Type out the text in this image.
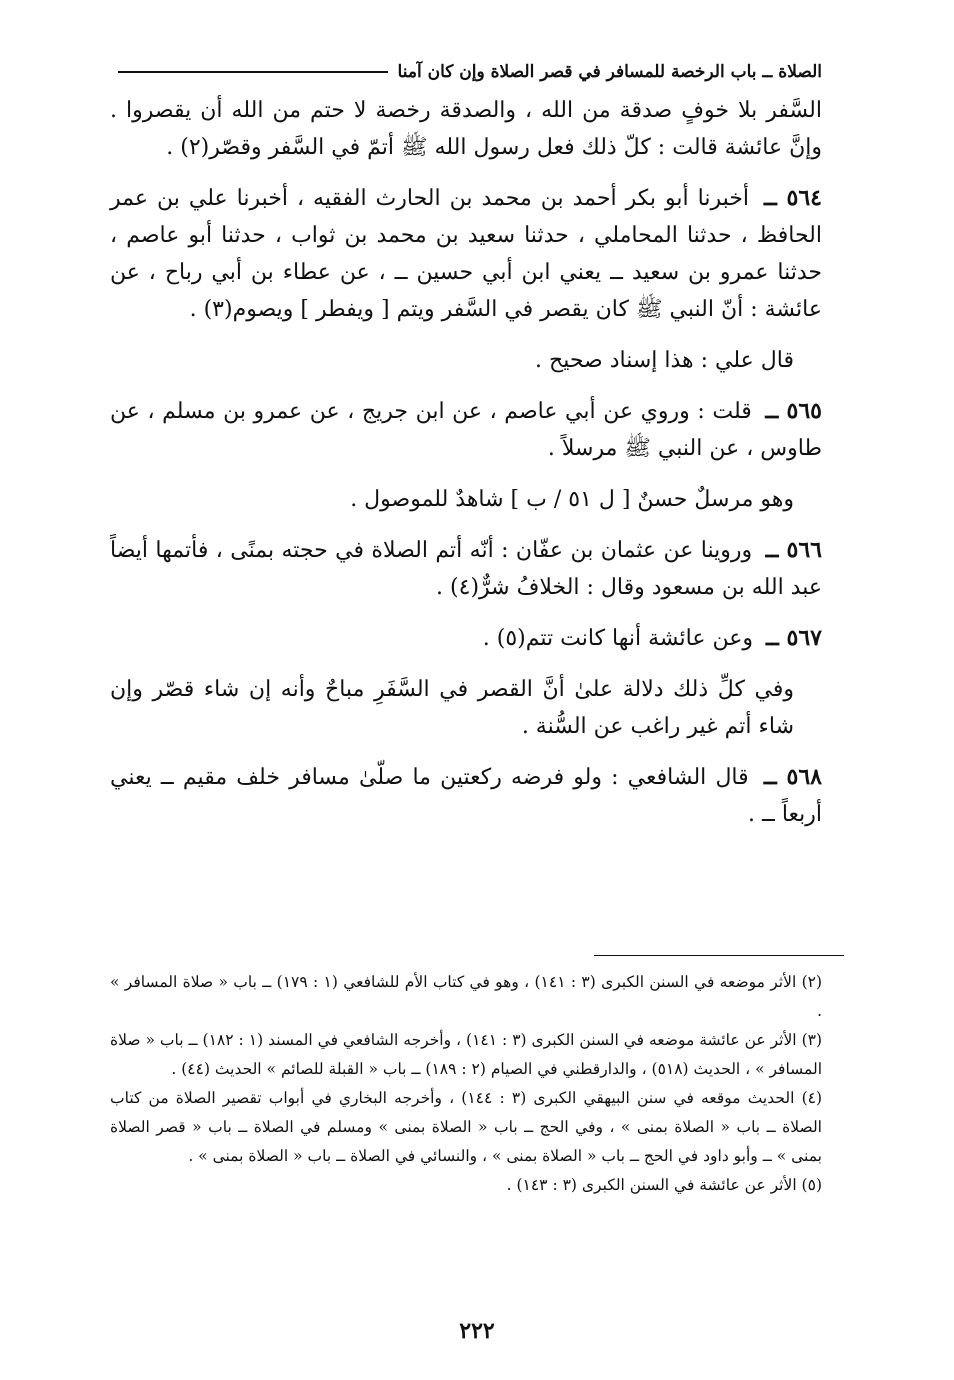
الصلاة ــ باب الرخصة للمسافر في قصر الصلاة وإن كان آمنا

السَّفر بلا خوفٍ صدقة من الله ، والصدقة رخصة لا حتم من الله أن يقصروا . وإنَّ عائشة قالت : كلّ ذلك فعل رسول الله ﷺ أتمّ في السَّفر وقصّر(٢) .

٥٦٤ ــ أخبرنا أبو بكر أحمد بن محمد بن الحارث الفقيه ، أخبرنا علي بن عمر الحافظ ، حدثنا المحاملي ، حدثنا سعيد بن محمد بن ثواب ، حدثنا أبو عاصم ، حدثنا عمرو بن سعيد ــ يعني ابن أبي حسين ــ ، عن عطاء بن أبي رباح ، عن عائشة : أنّ النبي ﷺ كان يقصر في السَّفر ويتم [ ويفطر ] ويصوم(٣) .

قال علي : هذا إسناد صحيح .

٥٦٥ ــ قلت : وروي عن أبي عاصم ، عن ابن جريج ، عن عمرو بن مسلم ، عن طاوس ، عن النبي ﷺ مرسلاً .

وهو مرسلٌ حسنٌ [ ل ٥١ / ب ] شاهدٌ للموصول .

٥٦٦ ــ وروينا عن عثمان بن عفّان : أنّه أتم الصلاة في حجته بمنًى ، فأتمها أيضاً عبد الله بن مسعود وقال : الخلافُ شرٌّ(٤) .

٥٦٧ ــ وعن عائشة أنها كانت تتم(٥) .

وفي كلِّ ذلك دلالة علىٰ أنَّ القصر في السَّفَرِ مباحٌ وأنه إن شاء قصّر وإن شاء أتم غير راغب عن السُّنة .

٥٦٨ ــ قال الشافعي : ولو فرضه ركعتين ما صلّىٰ مسافر خلف مقيم ــ يعني أربعاً ــ .

(٢) الأثر موضعه في السنن الكبرى (٣ : ١٤١) ، وهو في كتاب الأم للشافعي (١ : ١٧٩) ــ باب « صلاة المسافر » .

(٣) الأثر عن عائشة موضعه في السنن الكبرى (٣ : ١٤١) ، وأخرجه الشافعي في المسند (١ : ١٨٢) ــ باب « صلاة المسافر » ، الحديث (٥١٨) ، والدارقطني في الصيام (٢ : ١٨٩) ــ باب « القبلة للصائم » الحديث (٤٤) .

(٤) الحديث موقعه في سنن البيهقي الكبرى (٣ : ١٤٤) ، وأخرجه البخاري في أبواب تقصير الصلاة من كتاب الصلاة ــ باب « الصلاة بمنى » ، وفي الحج ــ باب « الصلاة بمنى » ومسلم في الصلاة ــ باب « قصر الصلاة بمنى » ــ وأبو داود في الحج ــ باب « الصلاة بمنى » ، والنسائي في الصلاة ــ باب « الصلاة بمنى » .

(٥) الأثر عن عائشة في السنن الكبرى (٣ : ١٤٣) .

٢٢٢
